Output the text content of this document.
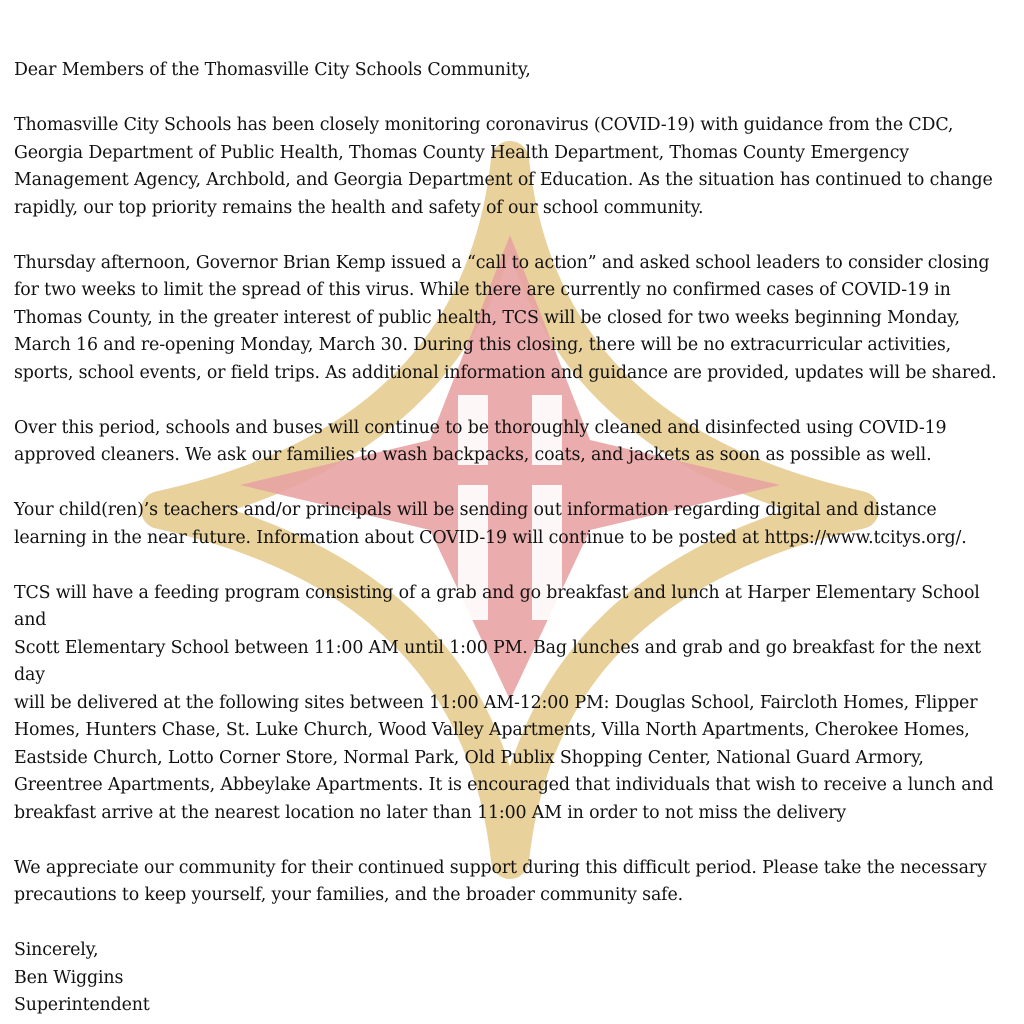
Dear Members of the Thomasville City Schools Community,

Thomasville City Schools has been closely monitoring coronavirus (COVID-19) with guidance from the CDC,
Georgia Department of Public Health, Thomas County Health Department, Thomas County Emergency
Management Agency, Archbold, and Georgia Department of Education. As the situation has continued to change
rapidly, our top priority remains the health and safety of our school community.

Thursday afternoon, Governor Brian Kemp issued a “call to action” and asked school leaders to consider closing
for two weeks to limit the spread of this virus. While there are currently no confirmed cases of COVID-19 in
Thomas County, in the greater interest of public health, TCS will be closed for two weeks beginning Monday,
March 16 and re-opening Monday, March 30. During this closing, there will be no extracurricular activities,
sports, school events, or field trips. As additional information and guidance are provided, updates will be shared.

Over this period, schools and buses will continue to be thoroughly cleaned and disinfected using COVID-19
approved cleaners. We ask our families to wash backpacks, coats, and jackets as soon as possible as well.

Your child(ren)’s teachers and/or principals will be sending out information regarding digital and distance
learning in the near future. Information about COVID-19 will continue to be posted at https://www.tcitys.org/.

TCS will have a feeding program consisting of a grab and go breakfast and lunch at Harper Elementary School and
Scott Elementary School between 11:00 AM until 1:00 PM. Bag lunches and grab and go breakfast for the next day
will be delivered at the following sites between 11:00 AM-12:00 PM: Douglas School, Faircloth Homes, Flipper
Homes, Hunters Chase, St. Luke Church, Wood Valley Apartments, Villa North Apartments, Cherokee Homes,
Eastside Church, Lotto Corner Store, Normal Park, Old Publix Shopping Center, National Guard Armory,
Greentree Apartments, Abbeylake Apartments. It is encouraged that individuals that wish to receive a lunch and
breakfast arrive at the nearest location no later than 11:00 AM in order to not miss the delivery

We appreciate our community for their continued support during this difficult period. Please take the necessary
precautions to keep yourself, your families, and the broader community safe.

Sincerely,
Ben Wiggins
Superintendent
